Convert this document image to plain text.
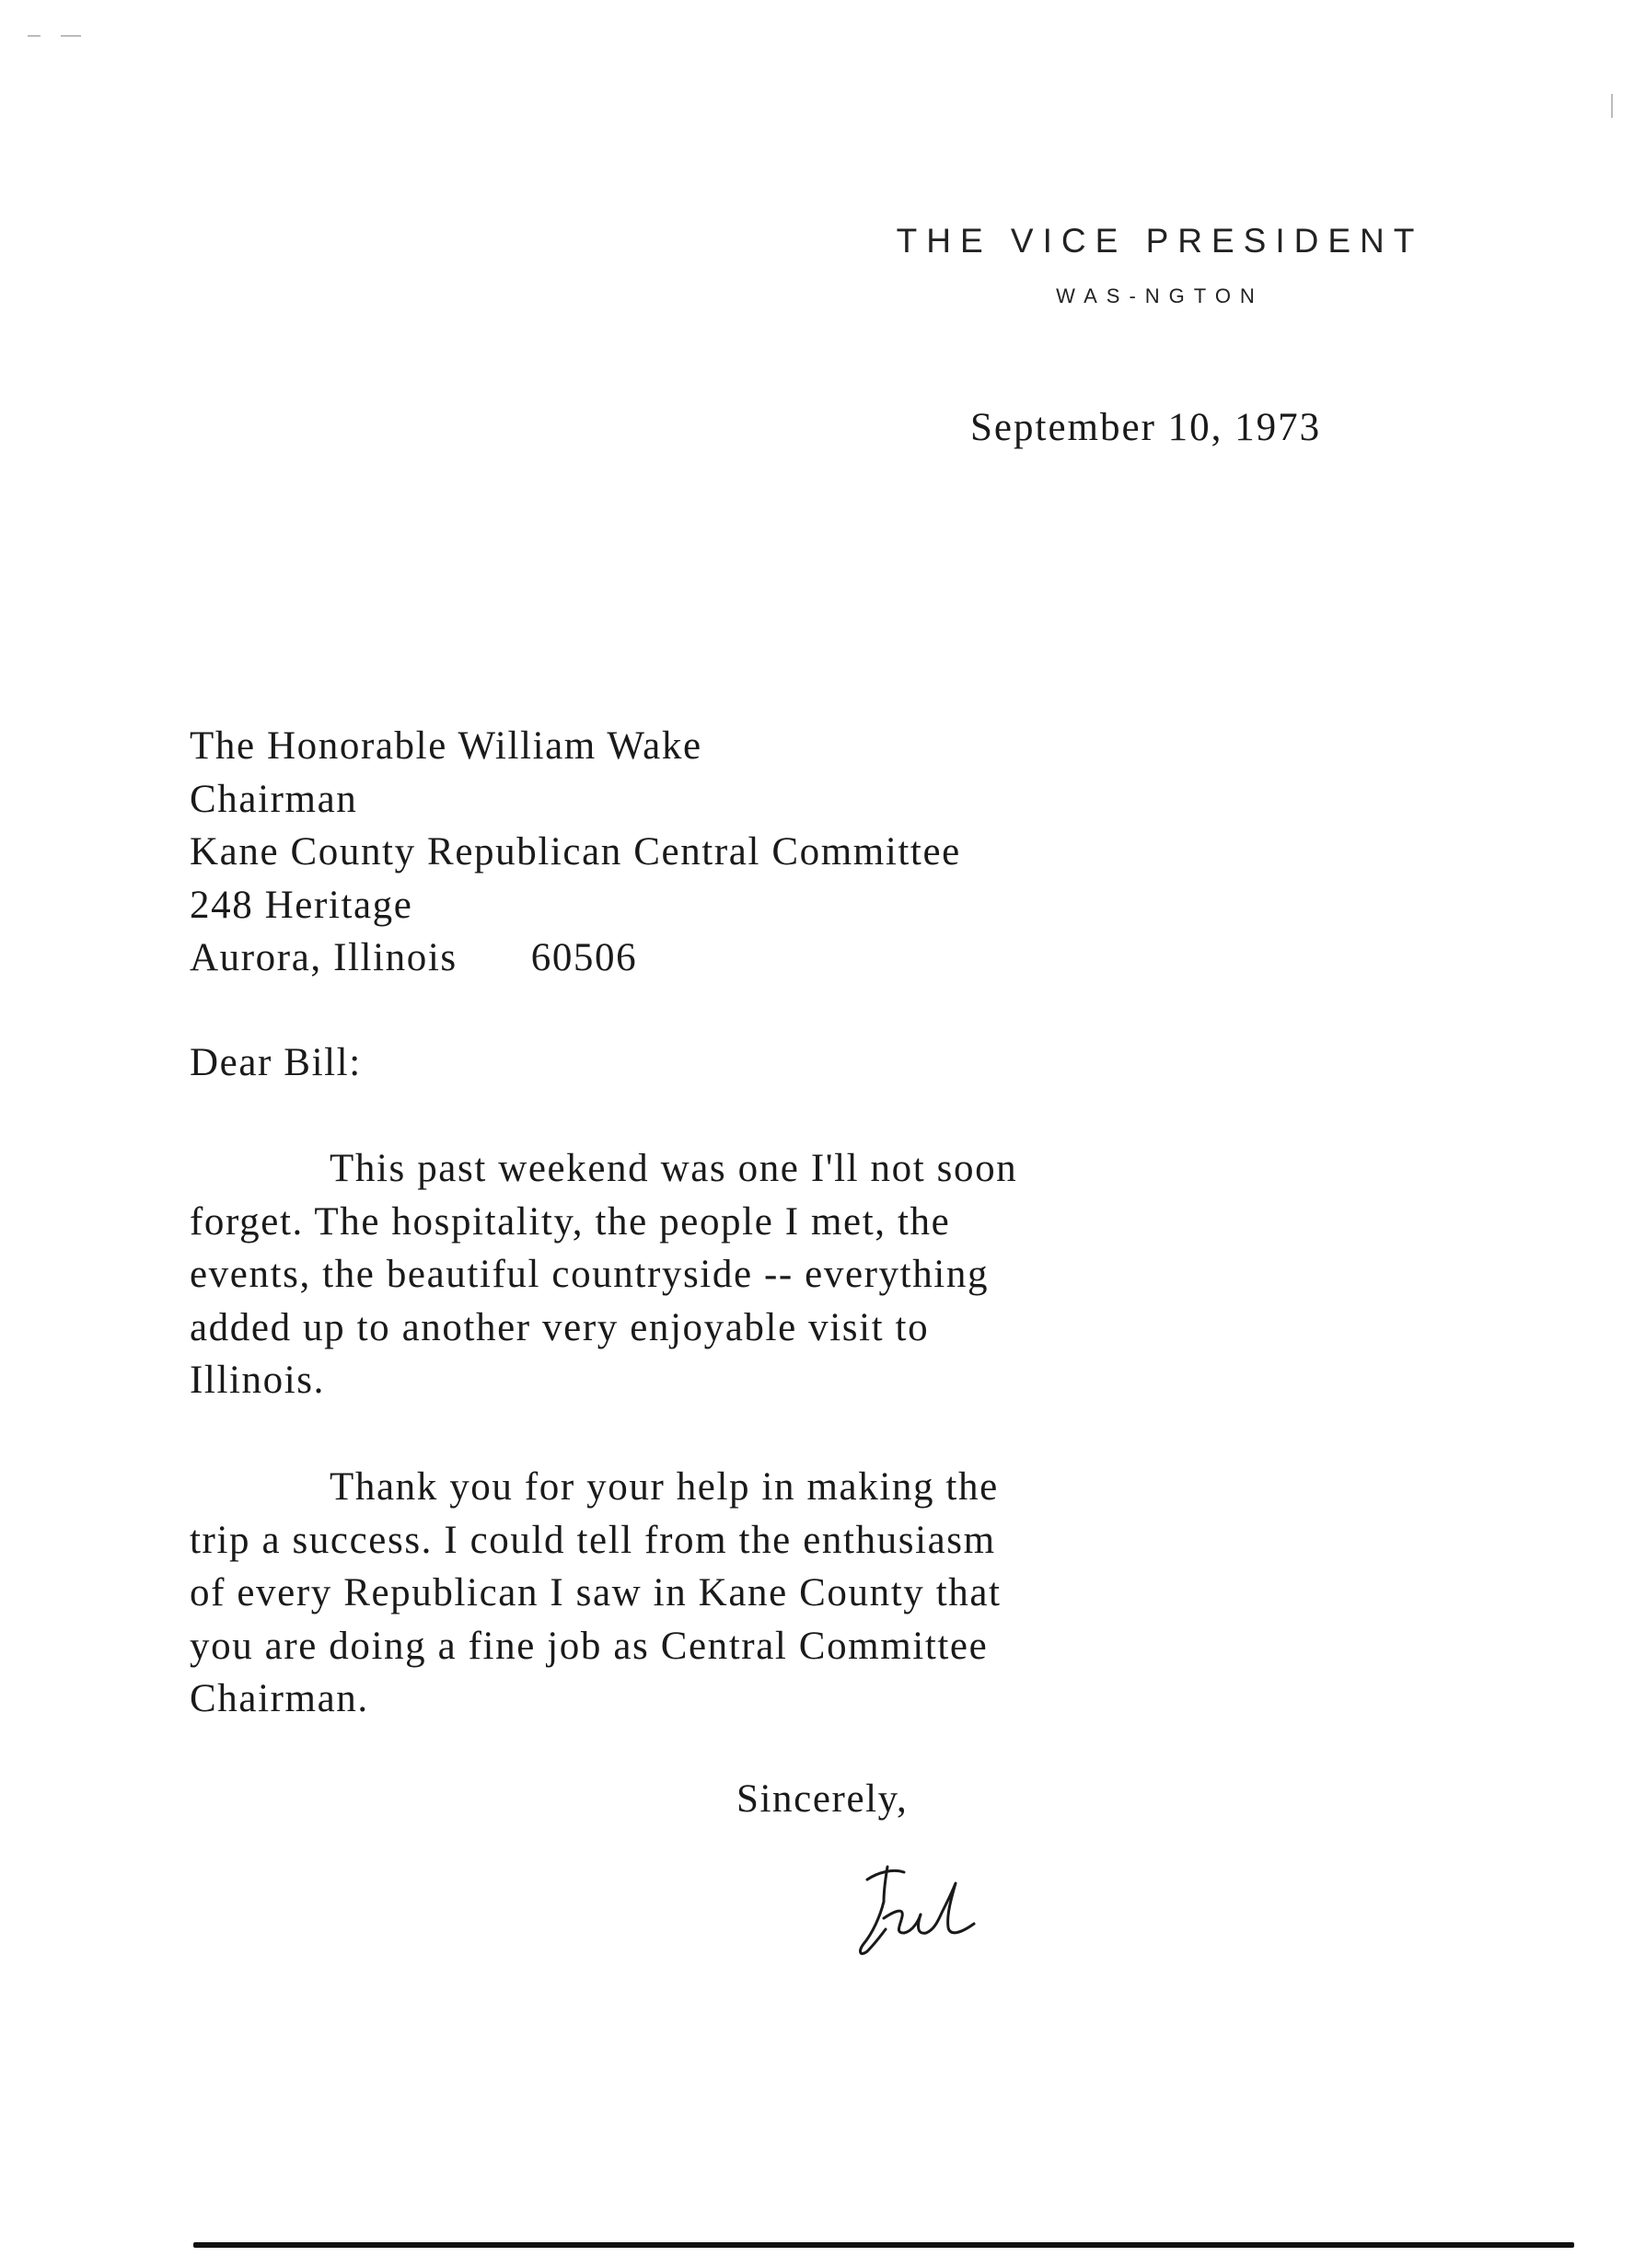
THE VICE PRESIDENT
WAS-NGTON
September 10, 1973
The Honorable William Wake
Chairman
Kane County Republican Central Committee
248 Heritage
Aurora, Illinois 60506
Dear Bill:
This past weekend was one I'll not soon
forget. The hospitality, the people I met, the
events, the beautiful countryside -- everything
added up to another very enjoyable visit to
Illinois.
Thank you for your help in making the
trip a success. I could tell from the enthusiasm
of every Republican I saw in Kane County that
you are doing a fine job as Central Committee
Chairman.
Sincerely,
